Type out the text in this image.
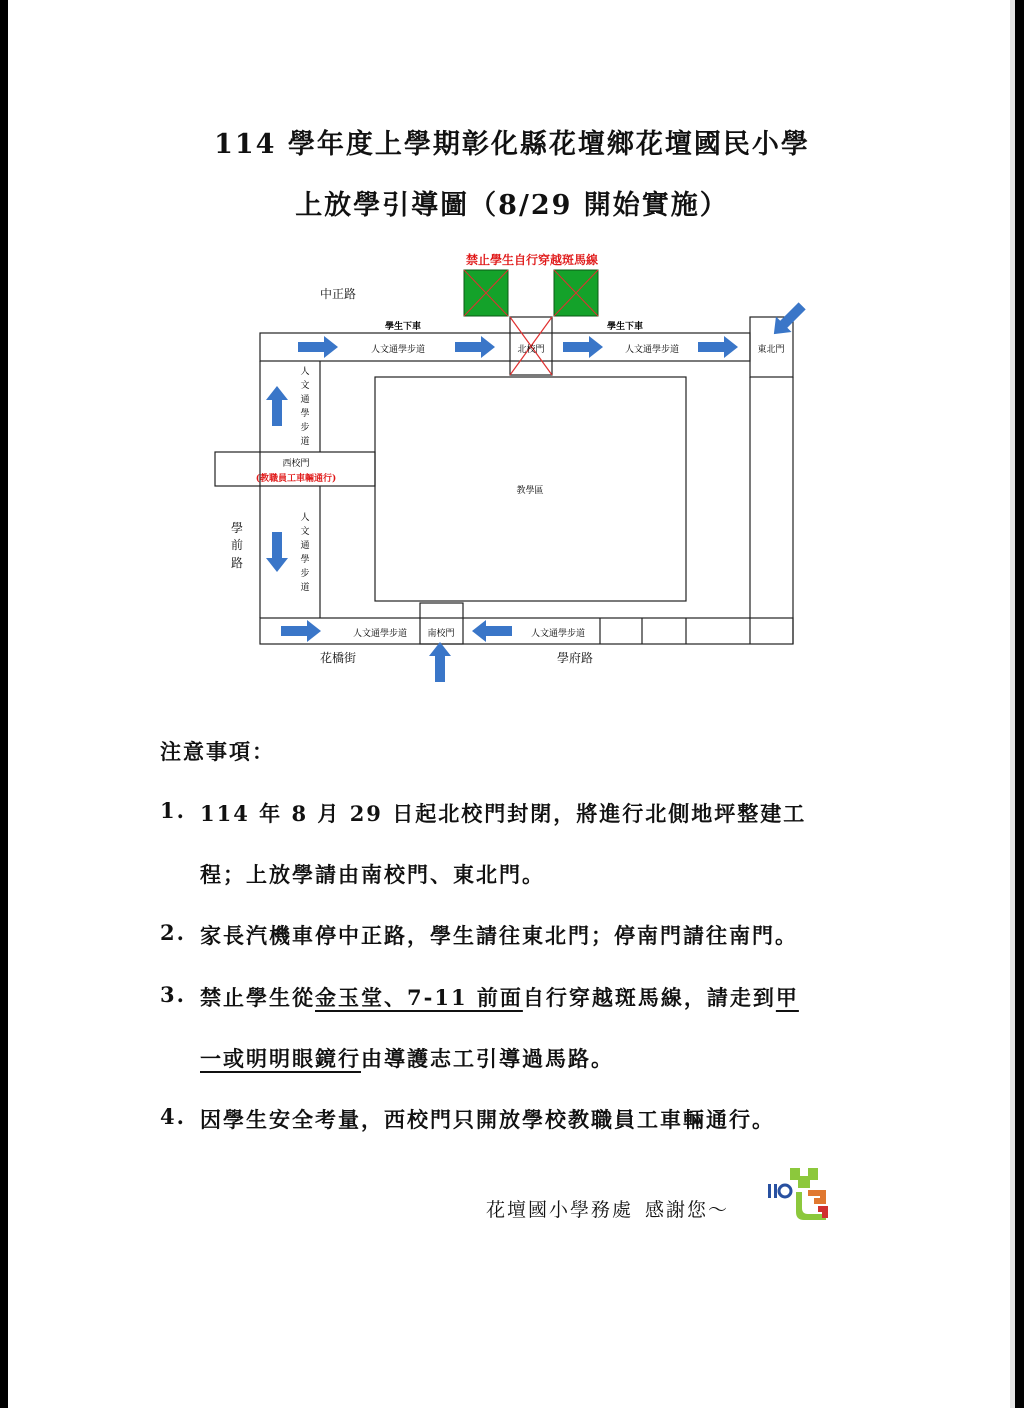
114 學年度上學期彰化縣花壇鄉花壇國民小學
上放學引導圖（8/29 開始實施）
禁止學生自行穿越斑馬線
中正路
花橋街	學府路
學
前
路
學生下車	學生下車
人文通學步道	人文通學步道
人文通學步道	人文通學步道
人
文
通
學
步
道
人
文
通
學
步
道
北校門	東北門
西校門
(教職員工車輛通行)
南校門
教學區
注意事項：
1. 114 年 8 月 29 日起北校門封閉，將進行北側地坪整建工

程；上放學請由南校門、東北門。

2. 家長汽機車停中正路，學生請往東北門；停南門請往南門。

3. 禁止學生從金玉堂、7-11 前面自行穿越斑馬線，請走到甲

一或明明眼鏡行由導護志工引導過馬路。

4. 因學生安全考量，西校門只開放學校教職員工車輛通行。

花壇國小學務處 感謝您～
